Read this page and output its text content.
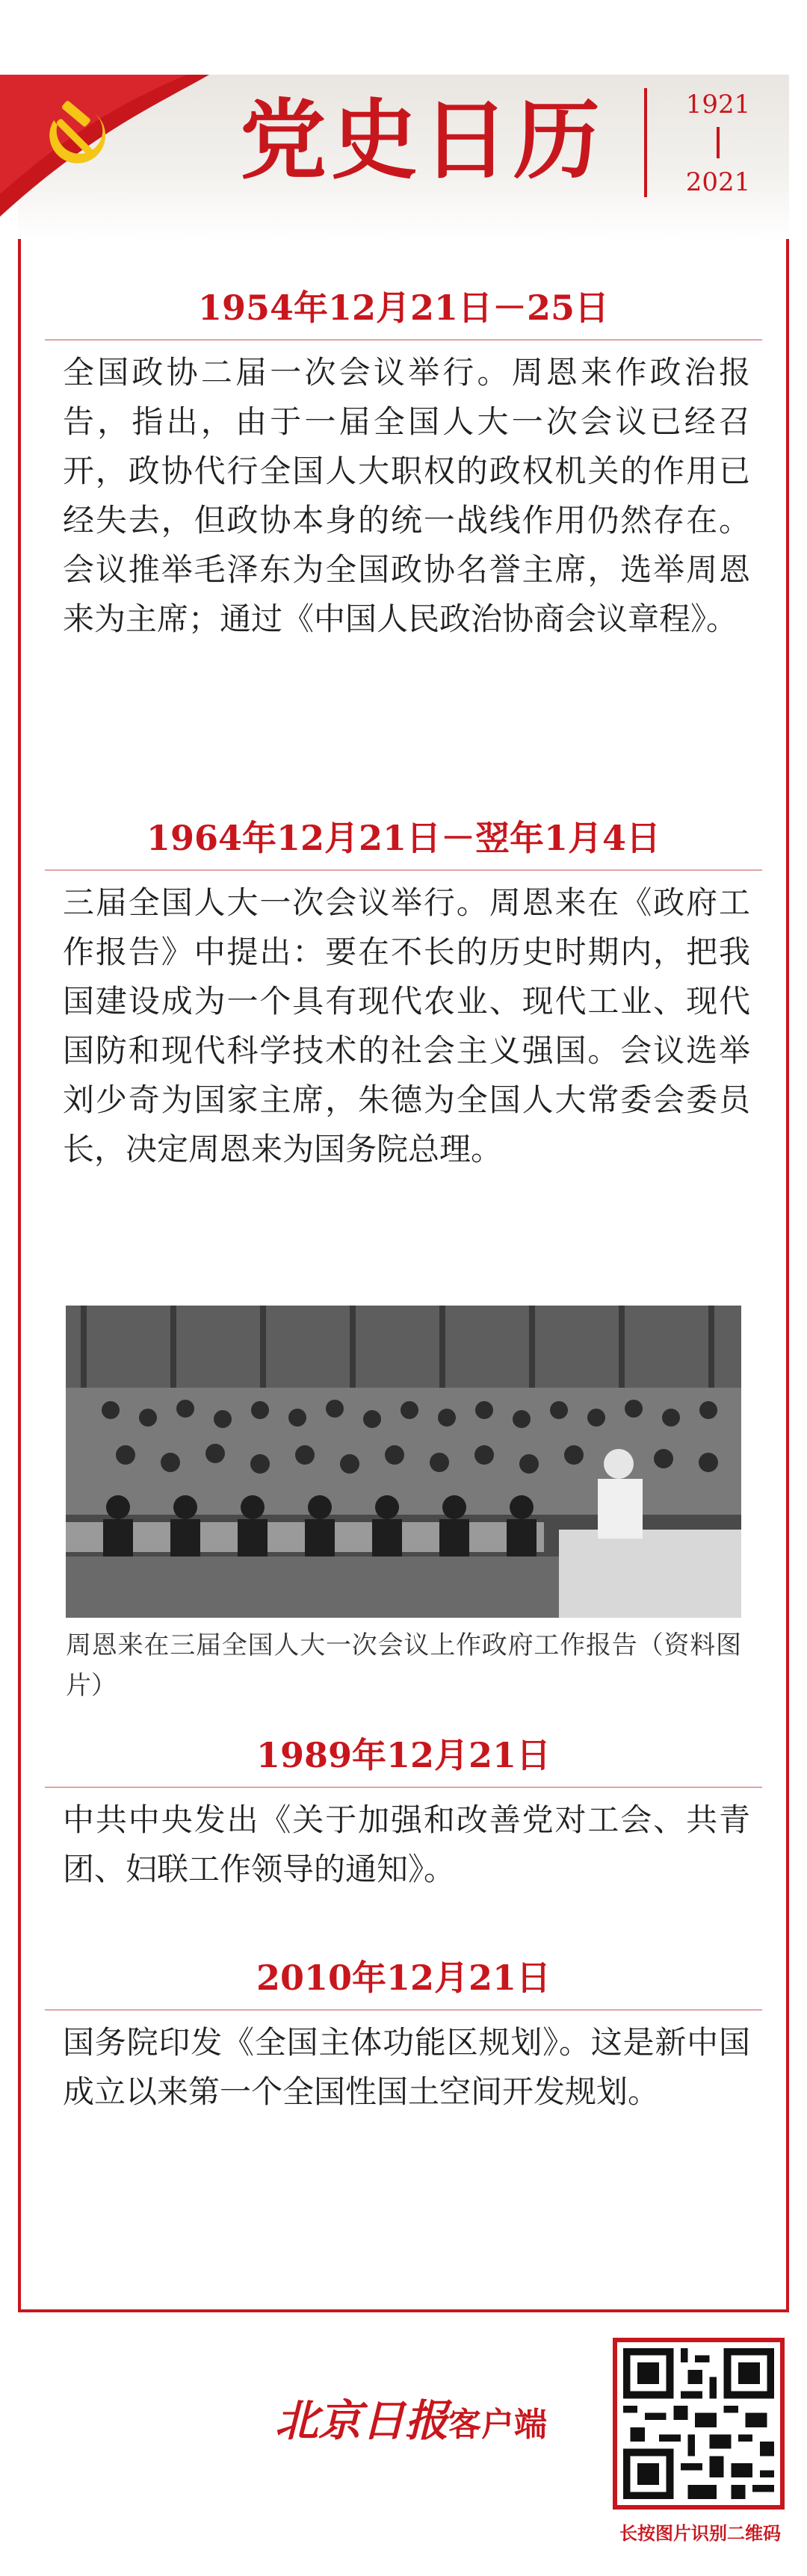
党史日历	1921
2021
1954年12月21日－25日

全国政协二届一次会议举行。周恩来作政治报告，指出，由于一届全国人大一次会议已经召开，政协代行全国人大职权的政权机关的作用已经失去，但政协本身的统一战线作用仍然存在。会议推举毛泽东为全国政协名誉主席，选举周恩来为主席；通过《中国人民政治协商会议章程》。

1964年12月21日－翌年1月4日

三届全国人大一次会议举行。周恩来在《政府工作报告》中提出：要在不长的历史时期内，把我国建设成为一个具有现代农业、现代工业、现代国防和现代科学技术的社会主义强国。会议选举刘少奇为国家主席，朱德为全国人大常委会委员长，决定周恩来为国务院总理。

周恩来在三届全国人大一次会议上作政府工作报告（资料图片）

1989年12月21日

中共中央发出《关于加强和改善党对工会、共青团、妇联工作领导的通知》。

2010年12月21日

国务院印发《全国主体功能区规划》。这是新中国成立以来第一个全国性国土空间开发规划。

北京日报客户端
长按图片识别二维码
